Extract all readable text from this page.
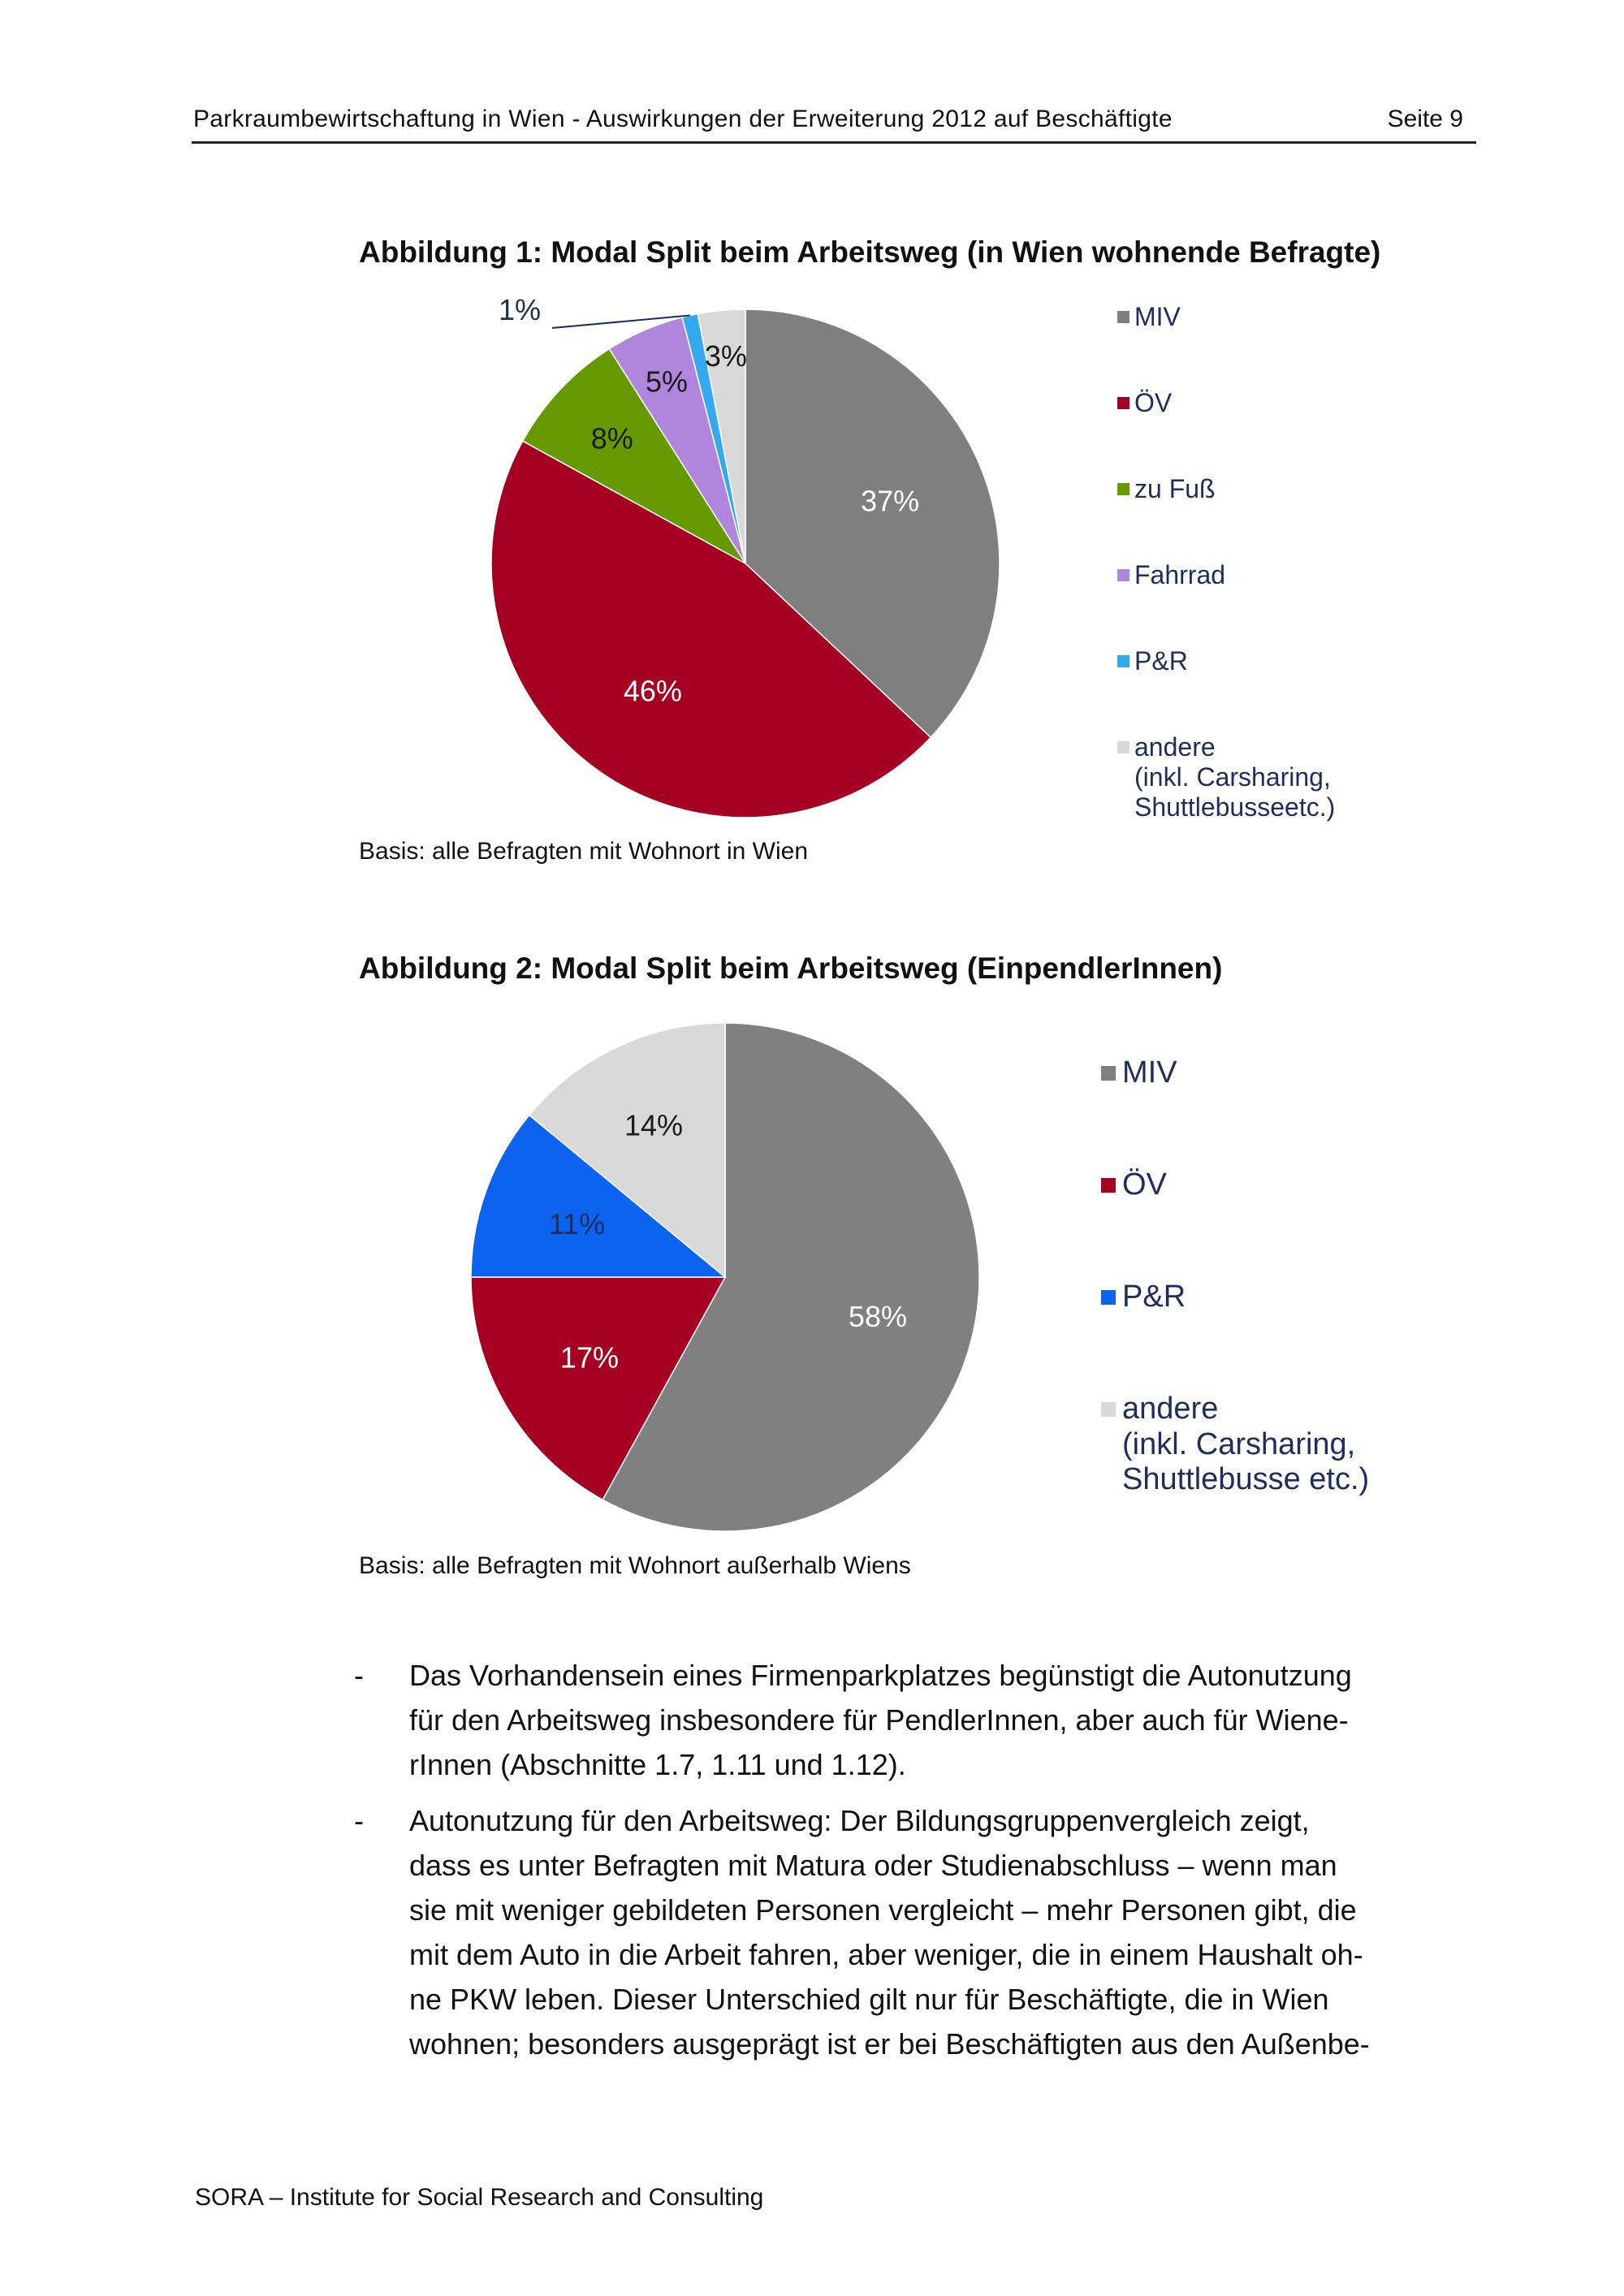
Parkraumbewirtschaftung in Wien - Auswirkungen der Erweiterung 2012 auf Beschäftigte	Seite 9
Abbildung 1: Modal Split beim Arbeitsweg (in Wien wohnende Befragte)
37%
46%
8%
5%
1%
3%
MIV
ÖV
zu Fuß
Fahrrad
P&R
andere
(inkl. Carsharing,
Shuttlebusseetc.)
Basis: alle Befragten mit Wohnort in Wien
Abbildung 2: Modal Split beim Arbeitsweg (EinpendlerInnen)
58%
17%
11%
14%
MIV
ÖV
P&R
andere
(inkl. Carsharing,
Shuttlebusse etc.)
Basis: alle Befragten mit Wohnort außerhalb Wiens
- Das Vorhandensein eines Firmenparkplatzes begünstigt die Autonutzung
für den Arbeitsweg insbesondere für PendlerInnen, aber auch für Wiene-
rInnen (Abschnitte 1.7, 1.11 und 1.12).
- Autonutzung für den Arbeitsweg: Der Bildungsgruppenvergleich zeigt,
dass es unter Befragten mit Matura oder Studienabschluss – wenn man
sie mit weniger gebildeten Personen vergleicht – mehr Personen gibt, die
mit dem Auto in die Arbeit fahren, aber weniger, die in einem Haushalt oh-
ne PKW leben. Dieser Unterschied gilt nur für Beschäftigte, die in Wien
wohnen; besonders ausgeprägt ist er bei Beschäftigten aus den Außenbe-
SORA – Institute for Social Research and Consulting
